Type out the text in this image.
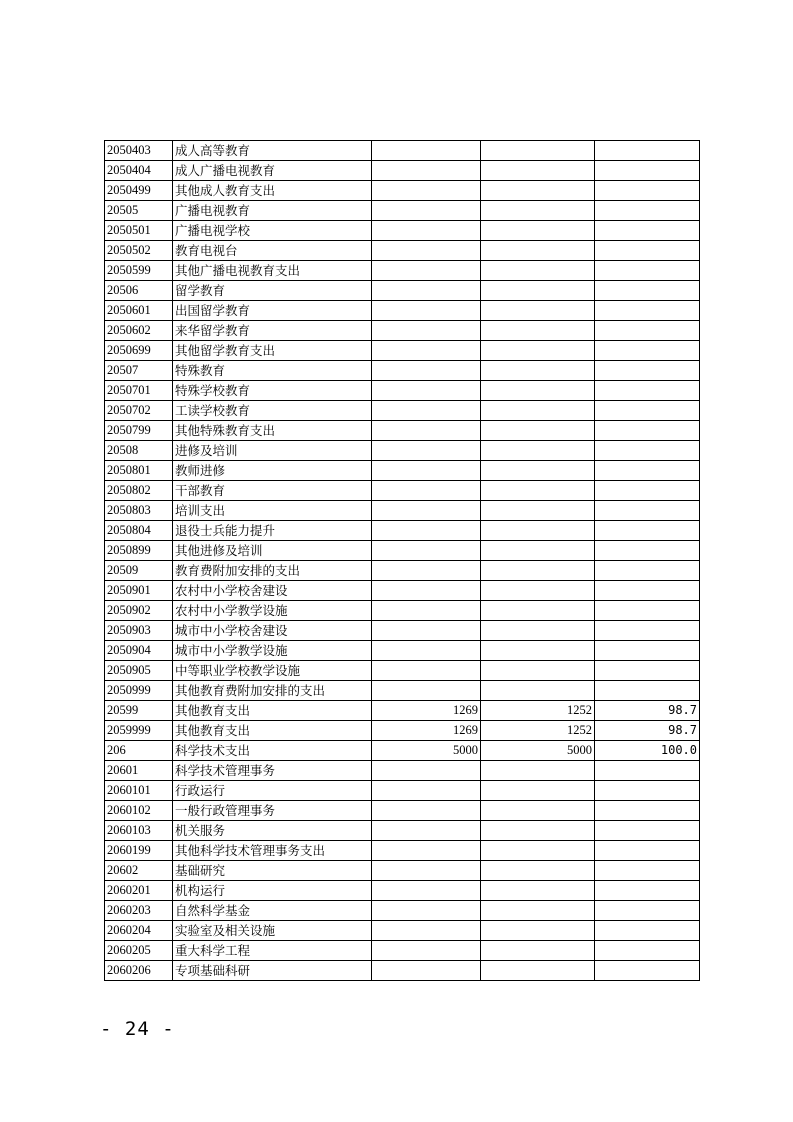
2050403	成人高等教育			
2050404	成人广播电视教育			
2050499	其他成人教育支出			
20505	广播电视教育			
2050501	广播电视学校			
2050502	教育电视台			
2050599	其他广播电视教育支出			
20506	留学教育			
2050601	出国留学教育			
2050602	来华留学教育			
2050699	其他留学教育支出			
20507	特殊教育			
2050701	特殊学校教育			
2050702	工读学校教育			
2050799	其他特殊教育支出			
20508	进修及培训			
2050801	教师进修			
2050802	干部教育			
2050803	培训支出			
2050804	退役士兵能力提升			
2050899	其他进修及培训			
20509	教育费附加安排的支出			
2050901	农村中小学校舍建设			
2050902	农村中小学教学设施			
2050903	城市中小学校舍建设			
2050904	城市中小学教学设施			
2050905	中等职业学校教学设施			
2050999	其他教育费附加安排的支出			
20599	其他教育支出	1269	1252	98.7
2059999	其他教育支出	1269	1252	98.7
206	科学技术支出	5000	5000	100.0
20601	科学技术管理事务			
2060101	行政运行			
2060102	一般行政管理事务			
2060103	机关服务			
2060199	其他科学技术管理事务支出			
20602	基础研究			
2060201	机构运行			
2060203	自然科学基金			
2060204	实验室及相关设施			
2060205	重大科学工程			
2060206	专项基础科研			
- 24 -
